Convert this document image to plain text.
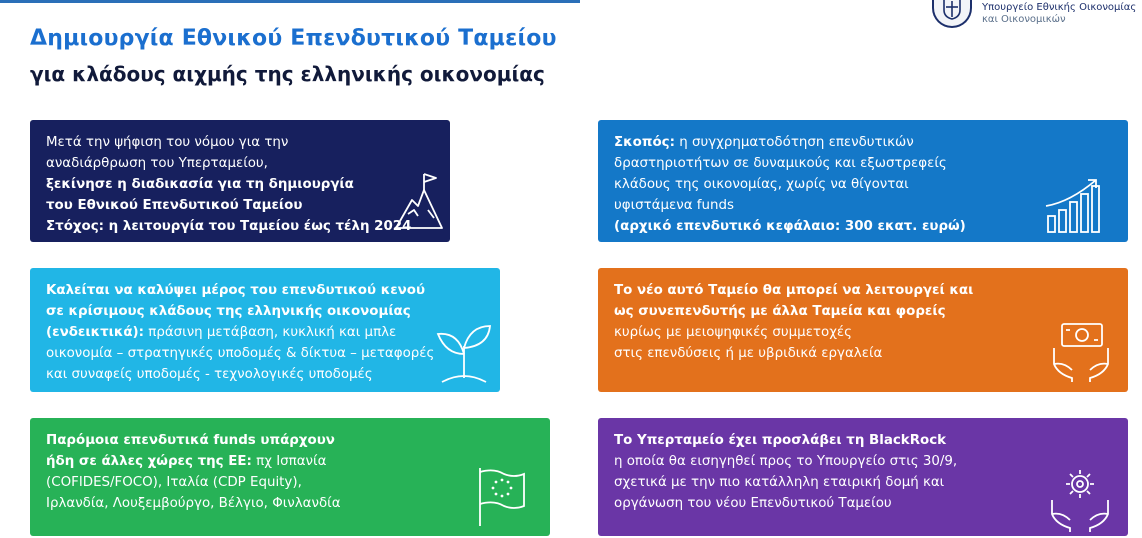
Δημιουργία Εθνικού Επενδυτικού Ταμείου
για κλάδους αιχμής της ελληνικής οικονομίας
Υπουργείο Εθνικής Οικονομίας
και Οικονομικών
Μετά την ψήφιση του νόμου για την
αναδιάρθρωση του Υπερταμείου,
ξεκίνησε η διαδικασία για τη δημιουργία
του Εθνικού Επενδυτικού Ταμείου
Στόχος: η λειτουργία του Ταμείου έως τέλη 2024
Σκοπός: η συγχρηματοδότηση επενδυτικών
δραστηριοτήτων σε δυναμικούς και εξωστρεφείς
κλάδους της οικονομίας, χωρίς να θίγονται
υφιστάμενα funds
(αρχικό επενδυτικό κεφάλαιο: 300 εκατ. ευρώ)
Καλείται να καλύψει μέρος του επενδυτικού κενού
σε κρίσιμους κλάδους της ελληνικής οικονομίας
(ενδεικτικά): πράσινη μετάβαση, κυκλική και μπλε
οικονομία – στρατηγικές υποδομές & δίκτυα – μεταφορές
και συναφείς υποδομές - τεχνολογικές υποδομές
Το νέο αυτό Ταμείο θα μπορεί να λειτουργεί και
ως συνεπενδυτής με άλλα Ταμεία και φορείς
κυρίως με μειοψηφικές συμμετοχές
στις επενδύσεις ή με υβριδικά εργαλεία
Παρόμοια επενδυτικά funds υπάρχουν
ήδη σε άλλες χώρες της ΕΕ: πχ Ισπανία
(COFIDES/FOCO), Ιταλία (CDP Equity),
Ιρλανδία, Λουξεμβούργο, Βέλγιο, Φινλανδία
Το Υπερταμείο έχει προσλάβει τη BlackRock
η οποία θα εισηγηθεί προς το Υπουργείο στις 30/9,
σχετικά με την πιο κατάλληλη εταιρική δομή και
οργάνωση του νέου Επενδυτικού Ταμείου
